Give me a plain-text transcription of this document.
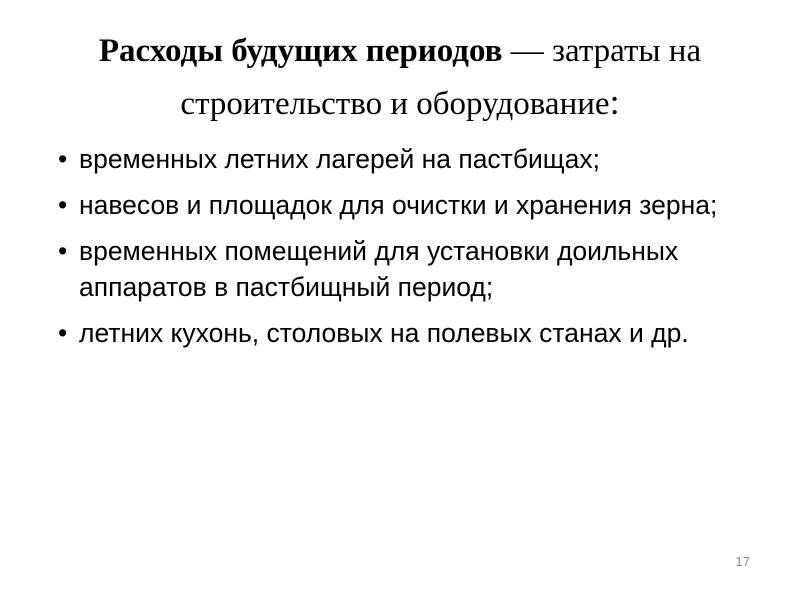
Расходы будущих периодов — затраты на строительство и оборудование:
• временных летних лагерей на пастбищах;
• навесов и площадок для очистки и хранения зерна;
• временных помещений для установки доильных аппаратов в пастбищный период;
• летних кухонь, столовых на полевых станах и др.
17
